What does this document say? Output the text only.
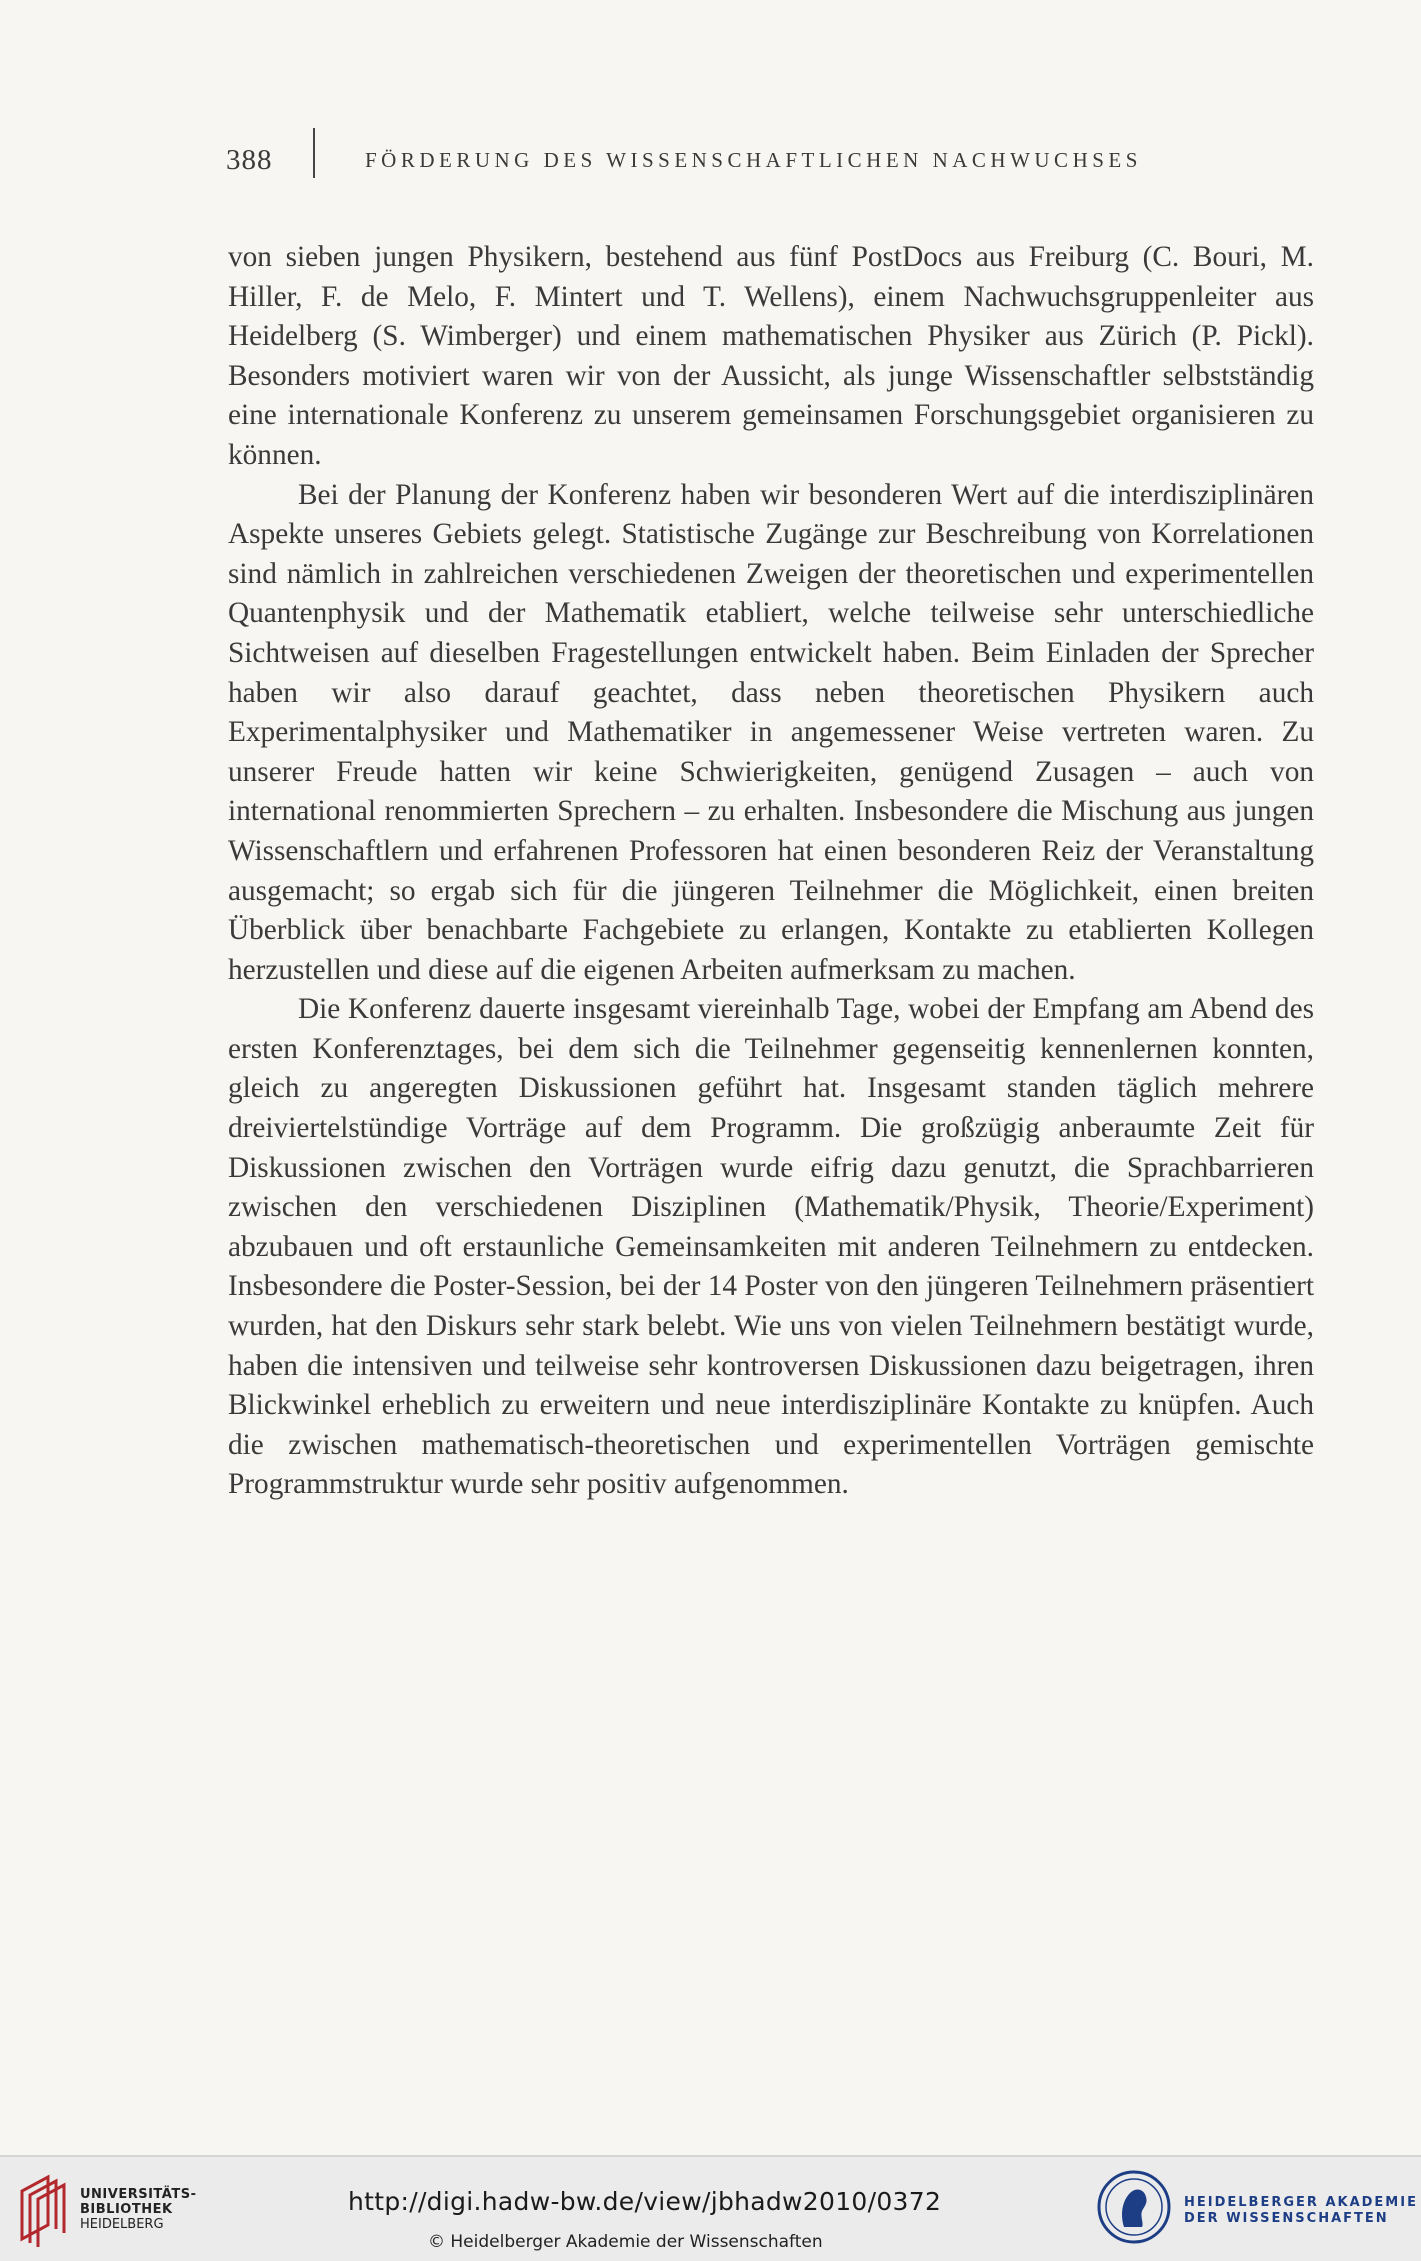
388	FÖRDERUNG DES WISSENSCHAFTLICHEN NACHWUCHSES

von sieben jungen Physikern, bestehend aus fünf PostDocs aus Freiburg (C. Bouri, M. Hiller, F. de Melo, F. Mintert und T. Wellens), einem Nachwuchsgruppenleiter aus Heidelberg (S. Wimberger) und einem mathematischen Physiker aus Zürich (P. Pickl). Besonders motiviert waren wir von der Aussicht, als junge Wissenschaftler selbstständig eine internationale Konferenz zu unserem gemeinsamen Forschungsgebiet organisieren zu können.

Bei der Planung der Konferenz haben wir besonderen Wert auf die interdisziplinären Aspekte unseres Gebiets gelegt. Statistische Zugänge zur Beschreibung von Korrelationen sind nämlich in zahlreichen verschiedenen Zweigen der theoretischen und experimentellen Quantenphysik und der Mathematik etabliert, welche teilweise sehr unterschiedliche Sichtweisen auf dieselben Fragestellungen entwickelt haben. Beim Einladen der Sprecher haben wir also darauf geachtet, dass neben theoretischen Physikern auch Experimentalphysiker und Mathematiker in angemessener Weise vertreten waren. Zu unserer Freude hatten wir keine Schwierigkeiten, genügend Zusagen – auch von international renommierten Sprechern – zu erhalten. Insbesondere die Mischung aus jungen Wissenschaftlern und erfahrenen Professoren hat einen besonderen Reiz der Veranstaltung ausgemacht; so ergab sich für die jüngeren Teilnehmer die Möglichkeit, einen breiten Überblick über benachbarte Fachgebiete zu erlangen, Kontakte zu etablierten Kollegen herzustellen und diese auf die eigenen Arbeiten aufmerksam zu machen.

Die Konferenz dauerte insgesamt viereinhalb Tage, wobei der Empfang am Abend des ersten Konferenztages, bei dem sich die Teilnehmer gegenseitig kennenlernen konnten, gleich zu angeregten Diskussionen geführt hat. Insgesamt standen täglich mehrere dreiviertelstündige Vorträge auf dem Programm. Die großzügig anberaumte Zeit für Diskussionen zwischen den Vorträgen wurde eifrig dazu genutzt, die Sprachbarrieren zwischen den verschiedenen Disziplinen (Mathematik/Physik, Theorie/Experiment) abzubauen und oft erstaunliche Gemeinsamkeiten mit anderen Teilnehmern zu entdecken. Insbesondere die Poster-Session, bei der 14 Poster von den jüngeren Teilnehmern präsentiert wurden, hat den Diskurs sehr stark belebt. Wie uns von vielen Teilnehmern bestätigt wurde, haben die intensiven und teilweise sehr kontroversen Diskussionen dazu beigetragen, ihren Blickwinkel erheblich zu erweitern und neue interdisziplinäre Kontakte zu knüpfen. Auch die zwischen mathematisch-theoretischen und experimentellen Vorträgen gemischte Programmstruktur wurde sehr positiv aufgenommen.

UNIVERSITÄTS-
BIBLIOTHEK
HEIDELBERG
http://digi.hadw-bw.de/view/jbhadw2010/0372
© Heidelberger Akademie der Wissenschaften
HEIDELBERGER AKADEMIE
DER WISSENSCHAFTEN
